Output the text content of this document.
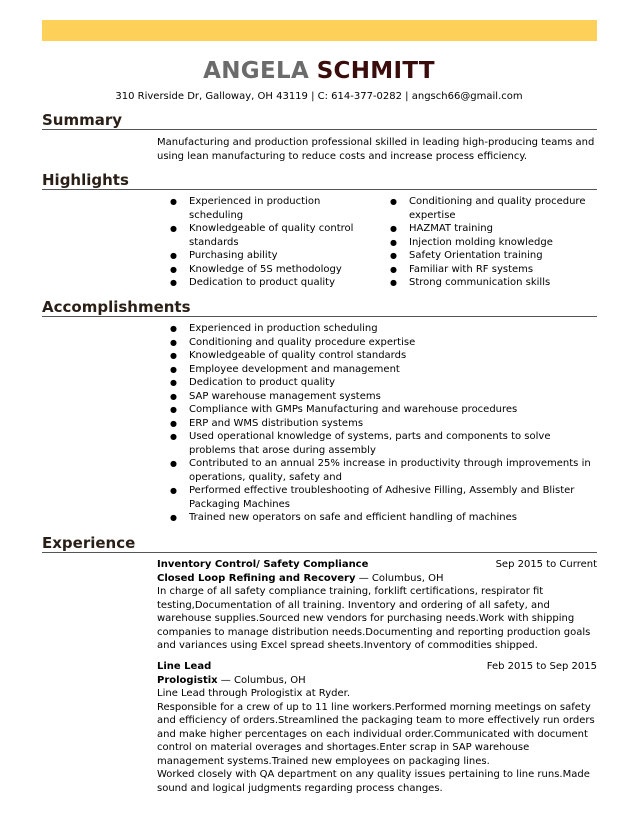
ANGELA SCHMITT
310 Riverside Dr, Galloway, OH 43119 | C: 614-377-0282 | angsch66@gmail.com
Summary
Manufacturing and production professional skilled in leading high-producing teams and using lean manufacturing to reduce costs and increase process efficiency.
Highlights
● Experienced in production scheduling
● Knowledgeable of quality control standards
● Purchasing ability
● Knowledge of 5S methodology
● Dedication to product quality
● Conditioning and quality procedure expertise
● HAZMAT training
● Injection molding knowledge
● Safety Orientation training
● Familiar with RF systems
● Strong communication skills
Accomplishments
● Experienced in production scheduling
● Conditioning and quality procedure expertise
● Knowledgeable of quality control standards
● Employee development and management
● Dedication to product quality
● SAP warehouse management systems
● Compliance with GMPs Manufacturing and warehouse procedures
● ERP and WMS distribution systems
● Used operational knowledge of systems, parts and components to solve problems that arose during assembly
● Contributed to an annual 25% increase in productivity through improvements in operations, quality, safety and
● Performed effective troubleshooting of Adhesive Filling, Assembly and Blister Packaging Machines
● Trained new operators on safe and efficient handling of machines
Experience
Inventory Control/ Safety Compliance	Sep 2015 to Current
Closed Loop Refining and Recovery — Columbus, OH
In charge of all safety compliance training, forklift certifications, respirator fit testing,Documentation of all training. Inventory and ordering of all safety, and warehouse supplies.Sourced new vendors for purchasing needs.Work with shipping companies to manage distribution needs.Documenting and reporting production goals and variances using Excel spread sheets.Inventory of commodities shipped.
Line Lead	Feb 2015 to Sep 2015
Prologistix — Columbus, OH
Line Lead through Prologistix at Ryder.
Responsible for a crew of up to 11 line workers.Performed morning meetings on safety and efficiency of orders.Streamlined the packaging team to more effectively run orders and make higher percentages on each individual order.Communicated with document control on material overages and shortages.Enter scrap in SAP warehouse management systems.Trained new employees on packaging lines.
Worked closely with QA department on any quality issues pertaining to line runs.Made sound and logical judgments regarding process changes.
